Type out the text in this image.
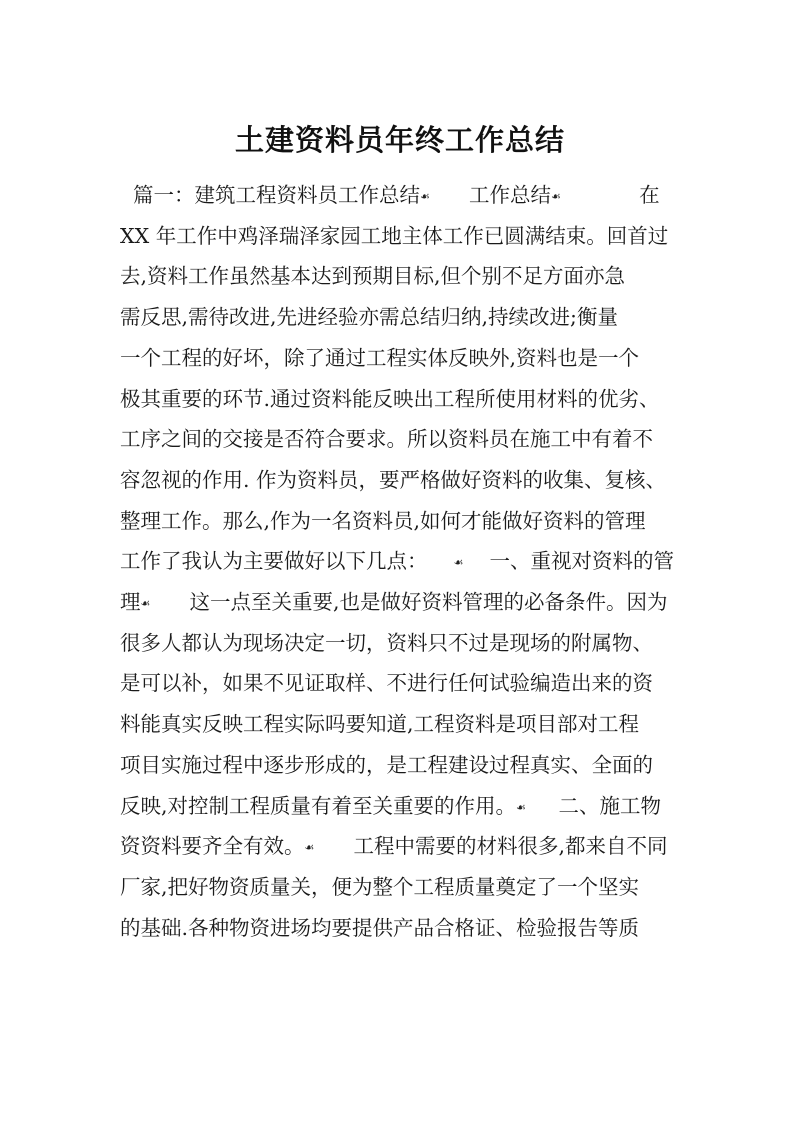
土建资料员年终工作总结

篇一：建筑工程资料员工作总结☙      工作总结☙            在

XX 年工作中鸡泽瑞泽家园工地主体工作已圆满结束。回首过

去,资料工作虽然基本达到预期目标,但个别不足方面亦急

需反思,需待改进,先进经验亦需总结归纳,持续改进;衡量

一个工程的好坏，除了通过工程实体反映外,资料也是一个

极其重要的环节.通过资料能反映出工程所使用材料的优劣、

工序之间的交接是否符合要求。所以资料员在施工中有着不

容忽视的作用. 作为资料员，要严格做好资料的收集、复核、

整理工作。那么,作为一名资料员,如何才能做好资料的管理

工作了我认为主要做好以下几点：    ☙    一、重视对资料的管

理☙      这一点至关重要,也是做好资料管理的必备条件。因为

很多人都认为现场决定一切，资料只不过是现场的附属物、

是可以补，如果不见证取样、不进行任何试验编造出来的资

料能真实反映工程实际吗要知道,工程资料是项目部对工程

项目实施过程中逐步形成的，是工程建设过程真实、全面的

反映,对控制工程质量有着至关重要的作用。☙     二、施工物

资资料要齐全有效。☙      工程中需要的材料很多,都来自不同

厂家,把好物资质量关，便为整个工程质量奠定了一个坚实

的基础.各种物资进场均要提供产品合格证、检验报告等质
